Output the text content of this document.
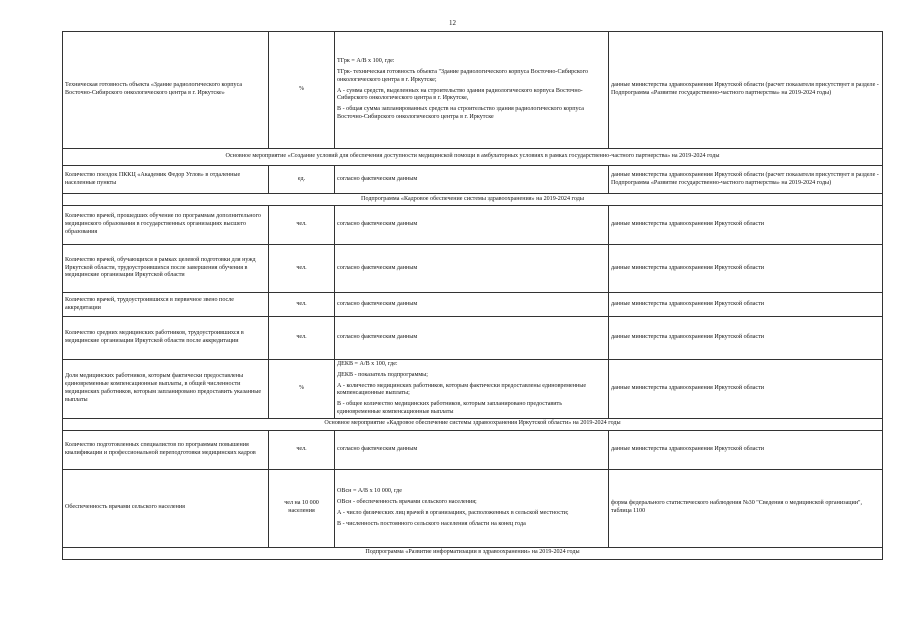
12
Техническая готовность объекта «Здание радиологического корпуса Восточно-Сибирского онкологического центра в г. Иркутске»	%	ТГрк = А/В x 100, где:

ТГрк- техническая готовность объекта "Здание радиологического корпуса Восточно-Сибирского онкологического центра в г. Иркутске;

А - сумма средств, выделенных на строительство здания радиологического корпуса Восточно-Сибирского онкологического центра в г. Иркутске,

В - общая сумма запланированных средств на строительство здания радиологического корпуса Восточно-Сибирского онкологического центра в г. Иркутске	данные министерства здравоохранения Иркутской области (расчет показателя присутствует в разделе - Подпрограмма «Развитие государственно-частного партнерства» на 2019-2024 годы)
Основное мероприятие «Создание условий для обеспечения доступности медицинской помощи в амбулаторных условиях в рамках государственно-частного партнерства» на 2019-2024 годы			
Количество поездок ПККЦ «Академик Федор Углов» в отдаленные населенные пункты	ед.	согласно фактическим данным	данные министерства здравоохранения Иркутской области (расчет показателя присутствует в разделе - Подпрограмма «Развитие государственно-частного партнерства» на 2019-2024 годы)
Подпрограмма «Кадровое обеспечение системы здравоохранения» на 2019-2024 годы			
Количество врачей, прошедших обучение по программам дополнительного медицинского образования в государственных организациях высшего образования	чел.	согласно фактическим данным	данные министерства здравоохранения Иркутской области
Количество врачей, обучающихся в рамках целевой подготовки для нужд Иркутской области, трудоустроившихся после завершения обучения в медицинские организации Иркутской области	чел.	согласно фактическим данным	данные министерства здравоохранения Иркутской области
Количество врачей, трудоустроившихся в первичное звено после аккредитации	чел.	согласно фактическим данным	данные министерства здравоохранения Иркутской области
Количество средних медицинских работников, трудоустроившихся в медицинские организации Иркутской области после аккредитации	чел.	согласно фактическим данным	данные министерства здравоохранения Иркутской области
Доля медицинских работников, которым фактически предоставлены единовременные компенсационные выплаты, в общей численности медицинских работников, которым запланировано предоставить указанные выплаты	%	ДЕКВ = А/В x 100, где:

ДЕКВ - показатель подпрограммы;

А - количество медицинских работников, которым фактически предоставлены единовременные компенсационные выплаты;

В - общее количество медицинских работников, которым запланировано предоставить единовременные компенсационные выплаты	данные министерства здравоохранения Иркутской области
Основное мероприятие «Кадровое обеспечение системы здравоохранения Иркутской области» на 2019-2024 годы			
Количество подготовленных специалистов по программам повышения квалификации и профессиональной переподготовки медицинских кадров	чел.	согласно фактическим данным	данные министерства здравоохранения Иркутской области
Обеспеченность врачами сельского населения	чел на 10 000 населения	ОВсн = А/В x 10 000, где

ОВсн - обеспеченность врачами сельского населения;

А - число физических лиц врачей в организациях, расположенных в сельской местности;

В - численность постоянного сельского населения области на конец года	форма федерального статистического наблюдения №30 "Сведения о медицинской организации", таблица 1100
Подпрограмма «Развитие информатизации в здравоохранении» на 2019-2024 годы			
